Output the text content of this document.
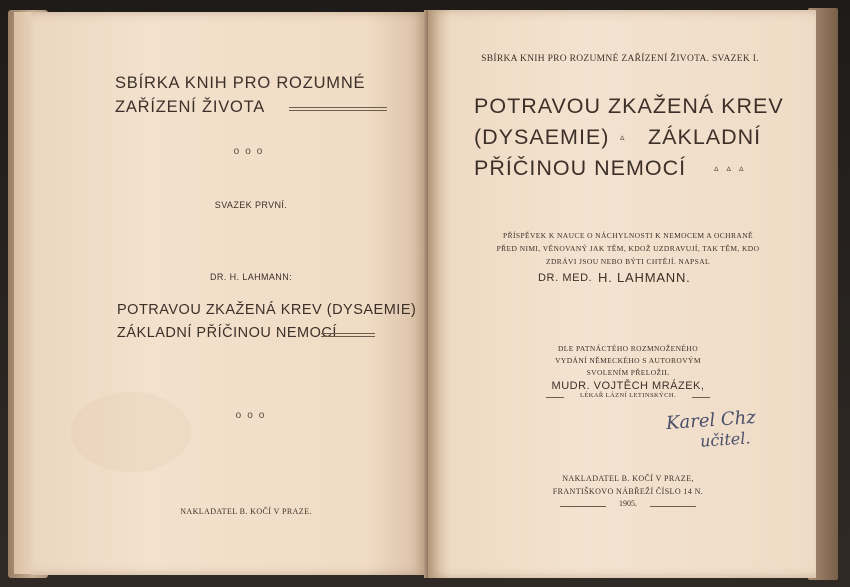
SBÍRKA KNIH PRO ROZUMNÉ
ZAŘÍZENÍ ŽIVOTA
ooo
SVAZEK PRVNÍ.
DR. H. LAHMANN:
POTRAVOU ZKAŽENÁ KREV (DYSAEMIE)
ZÁKLADNÍ PŘÍČINOU NEMOCÍ
ooo
NAKLADATEL B. KOČÍ V PRAZE.
SBÍRKA KNIH PRO ROZUMNÉ ZAŘÍZENÍ ŽIVOTA. SVAZEK I.
POTRAVOU ZKAŽENÁ KREV
(DYSAEMIE) ▵ ZÁKLADNÍ
PŘÍČINOU NEMOCÍ	▵▵▵
PŘÍSPĚVEK K NAUCE O NÁCHYLNOSTI K NEMOCEM A OCHRANĚ
PŘED NIMI, VĚNOVANÝ JAK TĚM, KDOŽ UZDRAVUJÍ, TAK TĚM, KDO
ZDRÁVI JSOU NEBO BÝTI CHTĚJÍ. NAPSAL
DR. MED. H. LAHMANN.
DLE PATNÁCTÉHO ROZMNOŽENÉHO
VYDÁNÍ NĚMECKÉHO S AUTOROVÝM
SVOLENÍM PŘELOŽIL
MUDR. VOJTĚCH MRÁZEK,
LÉKAŘ LÁZNÍ LETINSKÝCH.
Karel Chz
učitel.
NAKLADATEL B. KOČÍ V PRAZE,
FRANTIŠKOVO NÁBŘEŽÍ ČÍSLO 14 N.
1905.
